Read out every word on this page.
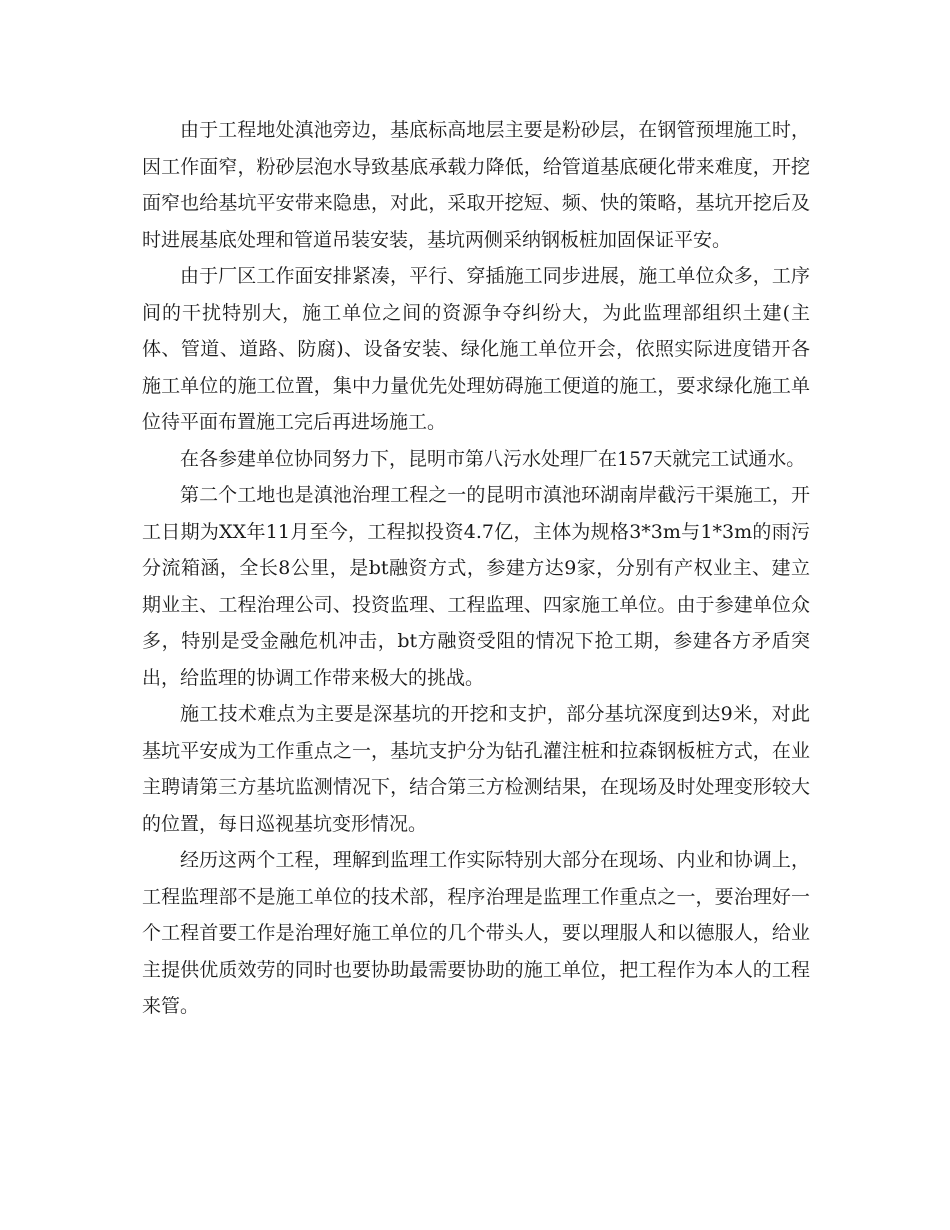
由于工程地处滇池旁边，基底标高地层主要是粉砂层，在钢管预埋施工时，因工作面窄，粉砂层泡水导致基底承载力降低，给管道基底硬化带来难度，开挖面窄也给基坑平安带来隐患，对此，采取开挖短、频、快的策略，基坑开挖后及时进展基底处理和管道吊装安装，基坑两侧采纳钢板桩加固保证平安。

由于厂区工作面安排紧凑，平行、穿插施工同步进展，施工单位众多，工序间的干扰特别大，施工单位之间的资源争夺纠纷大，为此监理部组织土建(主体、管道、道路、防腐)、设备安装、绿化施工单位开会，依照实际进度错开各施工单位的施工位置，集中力量优先处理妨碍施工便道的施工，要求绿化施工单位待平面布置施工完后再进场施工。

在各参建单位协同努力下，昆明市第八污水处理厂在157天就完工试通水。

第二个工地也是滇池治理工程之一的昆明市滇池环湖南岸截污干渠施工，开工日期为XX年11月至今，工程拟投资4.7亿，主体为规格3*3m与1*3m的雨污分流箱涵，全长8公里，是bt融资方式，参建方达9家，分别有产权业主、建立期业主、工程治理公司、投资监理、工程监理、四家施工单位。由于参建单位众多，特别是受金融危机冲击，bt方融资受阻的情况下抢工期，参建各方矛盾突出，给监理的协调工作带来极大的挑战。

施工技术难点为主要是深基坑的开挖和支护，部分基坑深度到达9米，对此基坑平安成为工作重点之一，基坑支护分为钻孔灌注桩和拉森钢板桩方式，在业主聘请第三方基坑监测情况下，结合第三方检测结果，在现场及时处理变形较大的位置，每日巡视基坑变形情况。

经历这两个工程，理解到监理工作实际特别大部分在现场、内业和协调上，工程监理部不是施工单位的技术部，程序治理是监理工作重点之一，要治理好一个工程首要工作是治理好施工单位的几个带头人，要以理服人和以德服人，给业主提供优质效劳的同时也要协助最需要协助的施工单位，把工程作为本人的工程来管。
